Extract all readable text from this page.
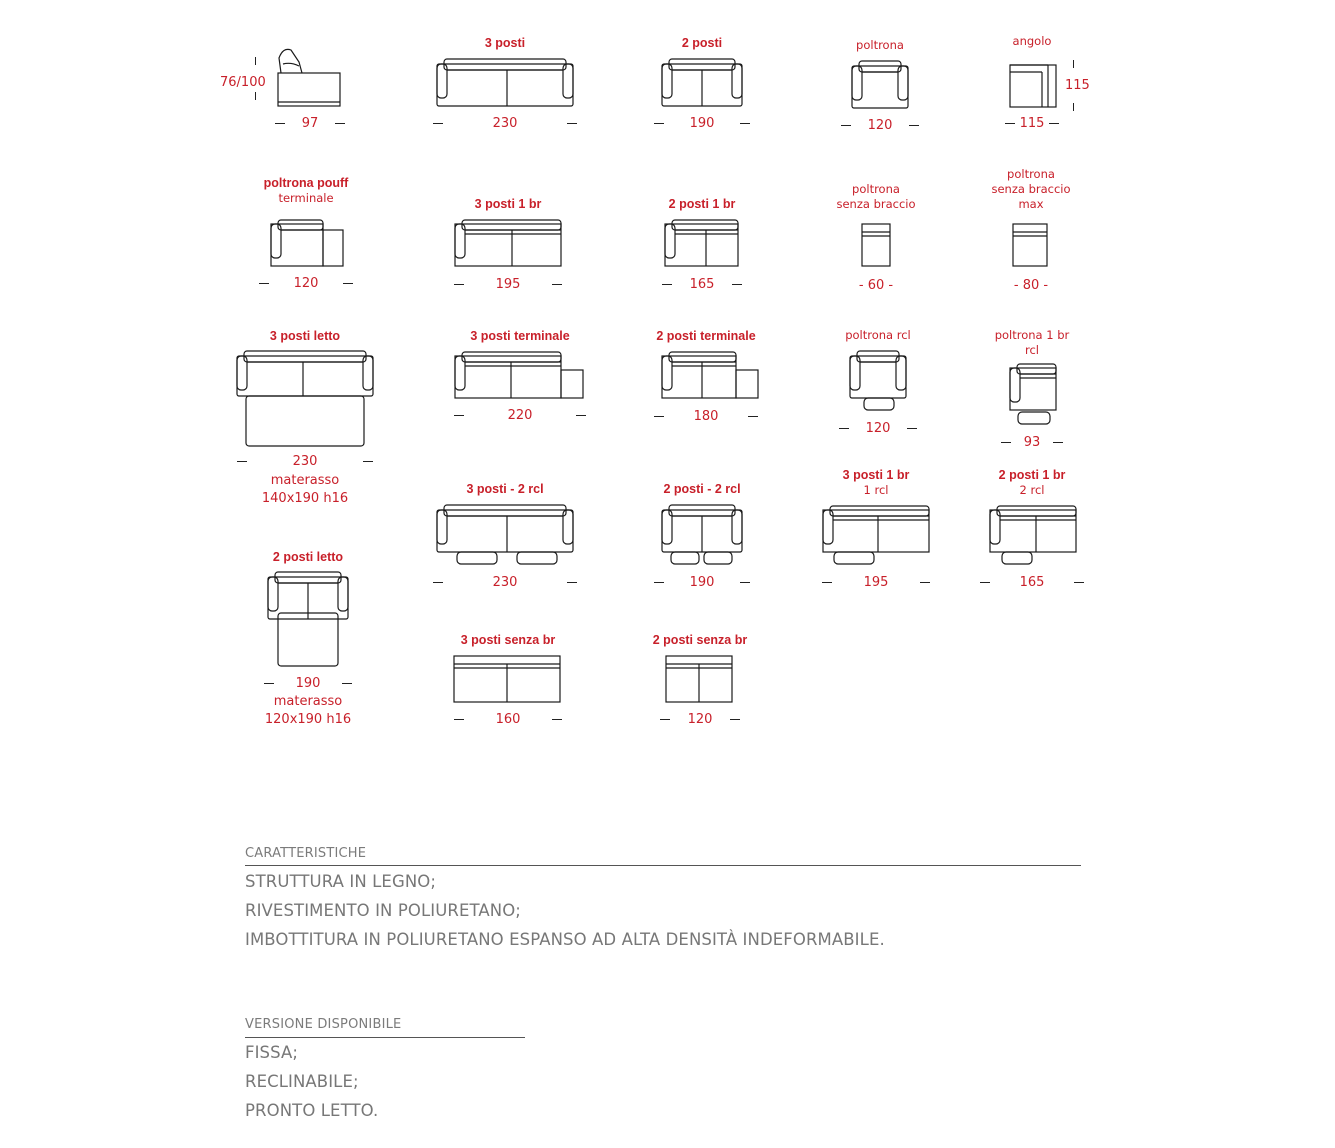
76/100
97
3 posti
230
2 posti
190
poltrona
120
angolo
115
115
poltrona pouff
terminale
120
3 posti 1 br
195
2 posti 1 br
165
poltrona
senza braccio
- 60 -
poltrona
senza braccio
max
- 80 -
3 posti letto
230
materasso
140x190 h16
3 posti terminale
220
2 posti terminale
180
poltrona rcl
120
poltrona 1 br
rcl
93
3 posti - 2 rcl
230
2 posti - 2 rcl
190
3 posti 1 br
1 rcl
195
2 posti 1 br
2 rcl
165
2 posti letto
190
materasso
120x190 h16
3 posti senza br
160
2 posti senza br
120
CARATTERISTICHE
STRUTTURA IN LEGNO;
RIVESTIMENTO IN POLIURETANO;
IMBOTTITURA IN POLIURETANO ESPANSO AD ALTA DENSITÀ INDEFORMABILE.
VERSIONE DISPONIBILE
FISSA;
RECLINABILE;
PRONTO LETTO.
